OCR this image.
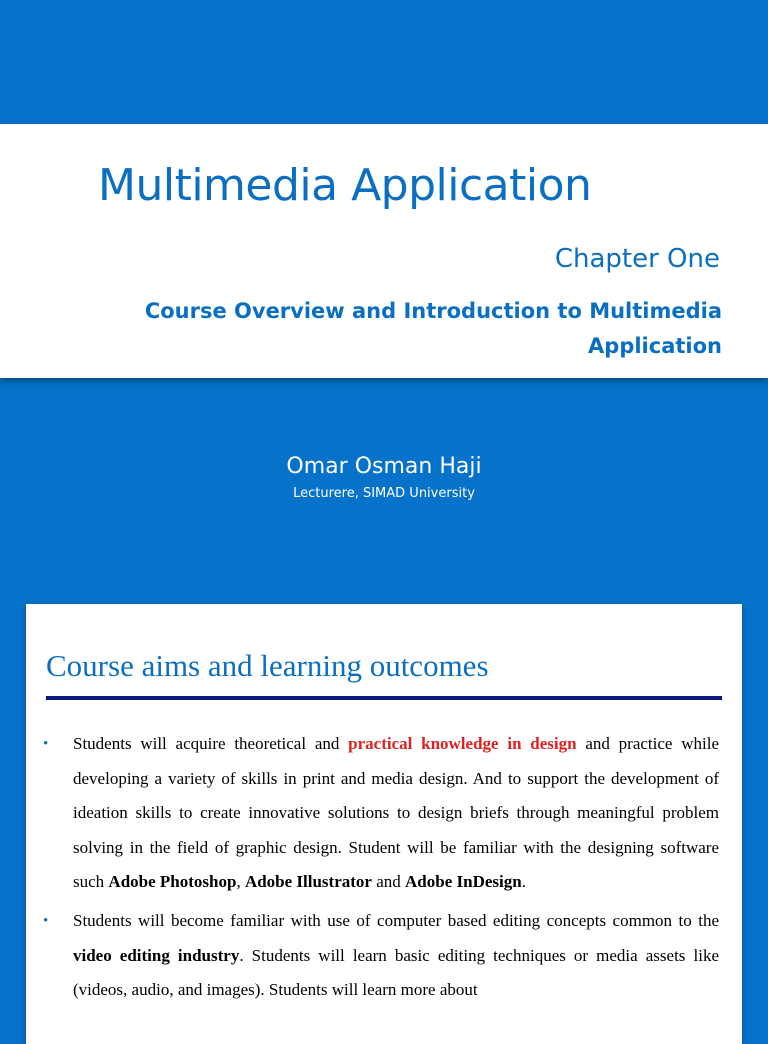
Multimedia Application
Chapter One
Course Overview and Introduction to Multimedia Application
Omar Osman Haji
Lecturere, SIMAD University
Course aims and learning outcomes
• Students will acquire theoretical and practical knowledge in design and practice while developing a variety of skills in print and media design. And to support the development of ideation skills to create innovative solutions to design briefs through meaningful problem solving in the field of graphic design. Student will be familiar with the designing software such Adobe Photoshop, Adobe Illustrator and Adobe InDesign.
• Students will become familiar with use of computer based editing concepts common to the video editing industry. Students will learn basic editing techniques or media assets like (videos, audio, and images). Students will learn more about
